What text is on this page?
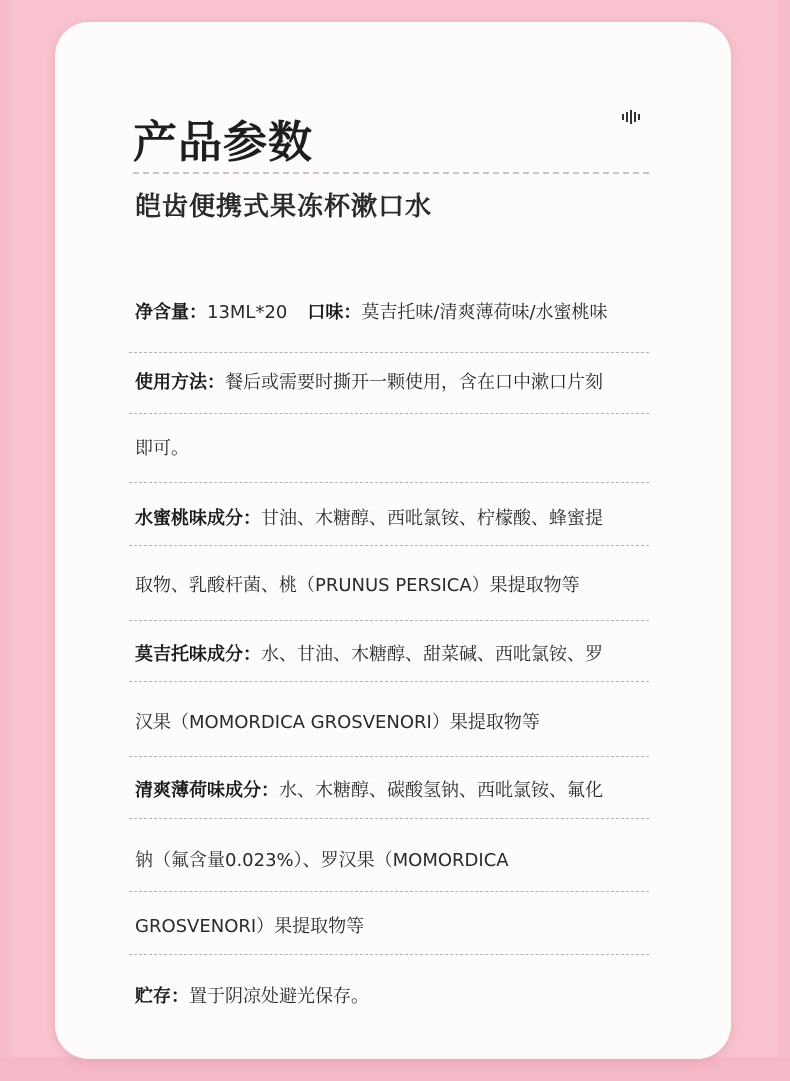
产品参数
皑齿便携式果冻杯漱口水
净含量：13ML*20 口味：莫吉托味/清爽薄荷味/水蜜桃味
使用方法：餐后或需要时撕开一颗使用，含在口中漱口片刻
即可。
水蜜桃味成分：甘油、木糖醇、西吡氯铵、柠檬酸、蜂蜜提
取物、乳酸杆菌、桃（PRUNUS PERSICA）果提取物等
莫吉托味成分：水、甘油、木糖醇、甜菜碱、西吡氯铵、罗
汉果（MOMORDICA GROSVENORI）果提取物等
清爽薄荷味成分：水、木糖醇、碳酸氢钠、西吡氯铵、氟化
钠（氟含量0.023%）、罗汉果（MOMORDICA
GROSVENORI）果提取物等
贮存：置于阴凉处避光保存。
